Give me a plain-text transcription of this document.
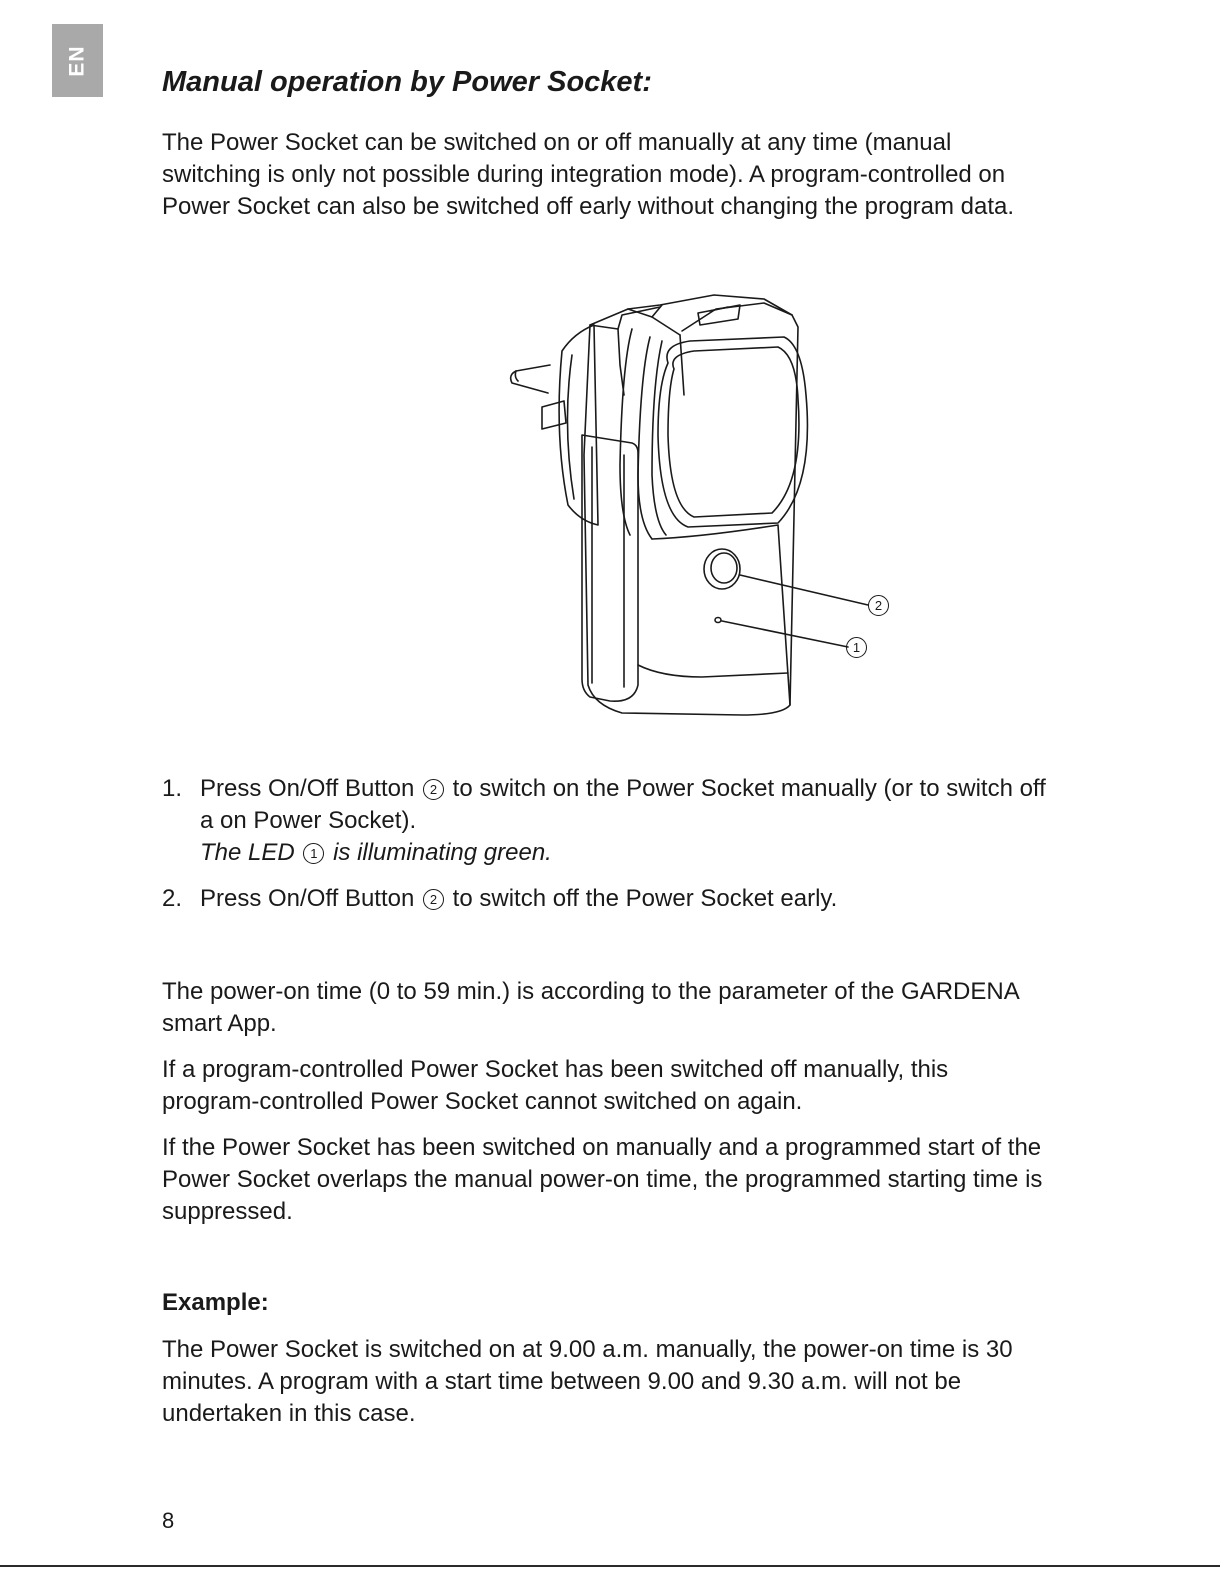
EN
Manual operation by Power Socket:

The Power Socket can be switched on or off manually at any time (manual switching is only not possible during integration mode). A program-controlled on Power Socket can also be switched off early without changing the program data.

2
1
1. Press On/Off Button 2 to switch on the Power Socket manually (or to switch off a on Power Socket).
The LED 1 is illuminating green.
2. Press On/Off Button 2 to switch off the Power Socket early.

The power-on time (0 to 59 min.) is according to the parameter of the GARDENA smart App.

If a program-controlled Power Socket has been switched off manually, this program-controlled Power Socket cannot switched on again.

If the Power Socket has been switched on manually and a programmed start of the Power Socket overlaps the manual power-on time, the programmed starting time is suppressed.

Example:

The Power Socket is switched on at 9.00 a.m. manually, the power-on time is 30 minutes. A program with a start time between 9.00 and 9.30 a.m. will not be undertaken in this case.

8
